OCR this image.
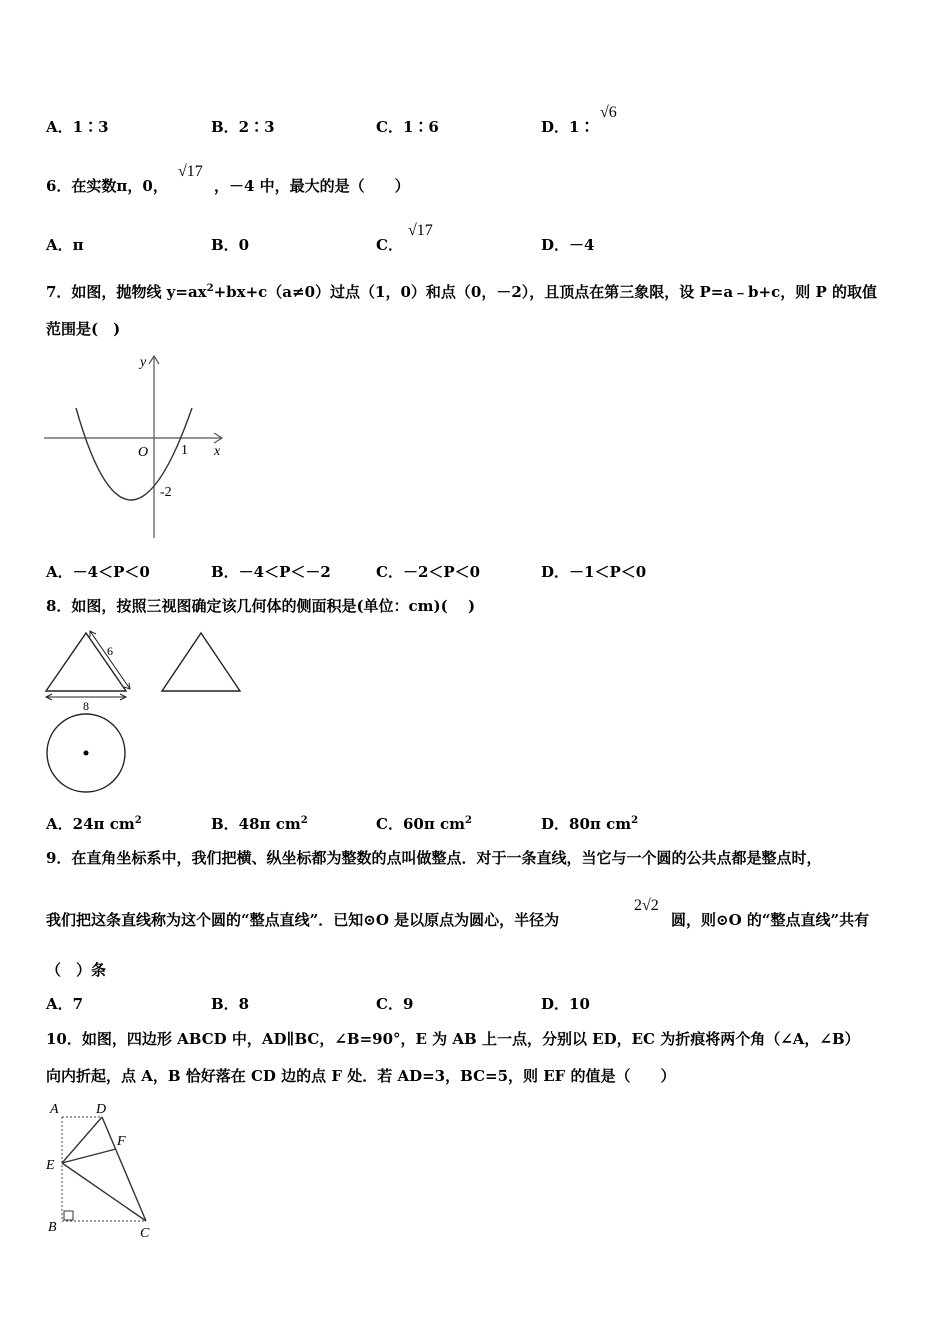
A．1∶3	B．2∶3	C．1∶6	D．1∶
√6
6．在实数π，0，
√17
，－4 中，最大的是（　　）
A．π	B．0	C．
√17
D．－4
7．如图，抛物线 $y=ax^2+bx+c(a\ne 0)$过点（1，0）和点（0，－2），且顶点在第三象限，设 P=a﹣b+c，则 P 的取值
范围是(　)
y
x
O 1
-2
A．－4＜P＜0	B．－4＜P＜－2	C．－2＜P＜0	D．－1＜P＜0
8．如图，按照三视图确定该几何体的侧面积是(单位：cm)(　 )
6
8
A．24π $cm^2$	B．48π $cm^2$	C．60π $cm^2$	D．80π $cm^2$
9．在直角坐标系中，我们把横、纵坐标都为整数的点叫做整点．对于一条直线，当它与一个圆的公共点都是整点时，
我们把这条直线称为这个圆的“整点直线”．已知⊙O 是以原点为圆心，半径为
2√2
圆，则⊙O 的“整点直线”共有
（　）条
A．7	B．8	C．9	D．10
10．如图，四边形 ABCD 中，AD∥BC，∠B=90°，E 为 AB 上一点，分别以 ED，EC 为折痕将两个角（∠A，∠B）
向内折起，点 A，B 恰好落在 CD 边的点 F 处．若 AD=3，BC=5，则 EF 的值是（　　）
A	D
F
E
B	C
